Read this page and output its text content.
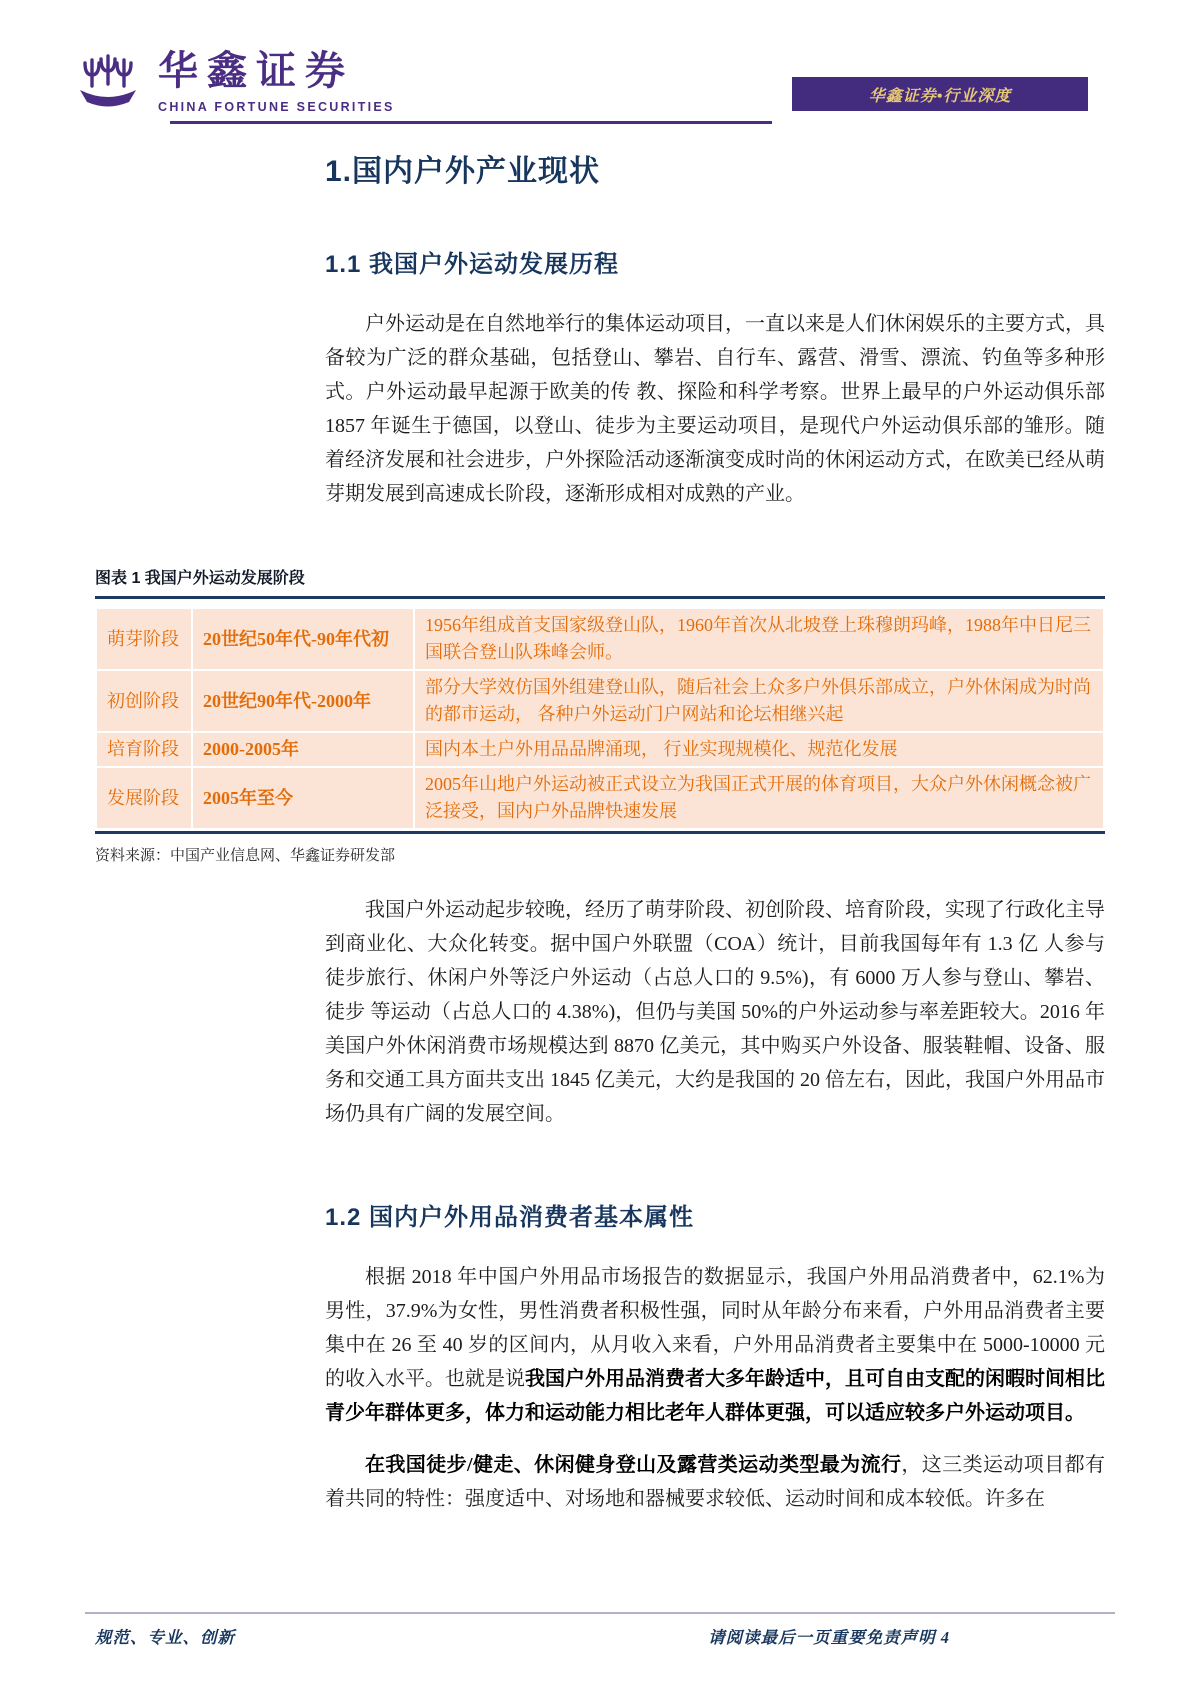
华鑫证券
CHINA FORTUNE SECURITIES
华鑫证券•行业深度
1.国内户外产业现状
1.1 我国户外运动发展历程

户外运动是在自然地举行的集体运动项目，一直以来是人们休闲娱乐的主要方式，具备较为广泛的群众基础，包括登山、攀岩、自行车、露营、滑雪、漂流、钓鱼等多种形式。户外运动最早起源于欧美的传 教、探险和科学考察。世界上最早的户外运动俱乐部 1857 年诞生于德国，以登山、徒步为主要运动项目，是现代户外运动俱乐部的雏形。随着经济发展和社会进步，户外探险活动逐渐演变成时尚的休闲运动方式，在欧美已经从萌芽期发展到高速成长阶段，逐渐形成相对成熟的产业。

图表 1 我国户外运动发展阶段
萌芽阶段	20世纪50年代-90年代初	1956年组成首支国家级登山队，1960年首次从北坡登上珠穆朗玛峰，1988年中日尼三国联合登山队珠峰会师。
初创阶段	20世纪90年代-2000年	部分大学效仿国外组建登山队，随后社会上众多户外俱乐部成立，户外休闲成为时尚的都市运动， 各种户外运动门户网站和论坛相继兴起
培育阶段	2000-2005年	国内本土户外用品品牌涌现， 行业实现规模化、规范化发展
发展阶段	2005年至今	2005年山地户外运动被正式设立为我国正式开展的体育项目，大众户外休闲概念被广泛接受，国内户外品牌快速发展
资料来源：中国产业信息网、华鑫证券研发部

我国户外运动起步较晚，经历了萌芽阶段、初创阶段、培育阶段，实现了行政化主导到商业化、大众化转变。据中国户外联盟（COA）统计，目前我国每年有 1.3 亿 人参与徒步旅行、休闲户外等泛户外运动（占总人口的 9.5%)，有 6000 万人参与登山、攀岩、徒步 等运动（占总人口的 4.38%)，但仍与美国 50%的户外运动参与率差距较大。2016 年美国户外休闲消费市场规模达到 8870 亿美元，其中购买户外设备、服装鞋帽、设备、服务和交通工具方面共支出 1845 亿美元，大约是我国的 20 倍左右，因此，我国户外用品市场仍具有广阔的发展空间。

1.2 国内户外用品消费者基本属性

根据 2018 年中国户外用品市场报告的数据显示，我国户外用品消费者中，62.1%为男性，37.9%为女性，男性消费者积极性强，同时从年龄分布来看，户外用品消费者主要集中在 26 至 40 岁的区间内，从月收入来看，户外用品消费者主要集中在 5000-10000 元的收入水平。也就是说我国户外用品消费者大多年龄适中，且可自由支配的闲暇时间相比青少年群体更多，体力和运动能力相比老年人群体更强，可以适应较多户外运动项目。

在我国徒步/健走、休闲健身登山及露营类运动类型最为流行，这三类运动项目都有着共同的特性：强度适中、对场地和器械要求较低、运动时间和成本较低。许多在

规范、专业、创新	请阅读最后一页重要免责声明 4
